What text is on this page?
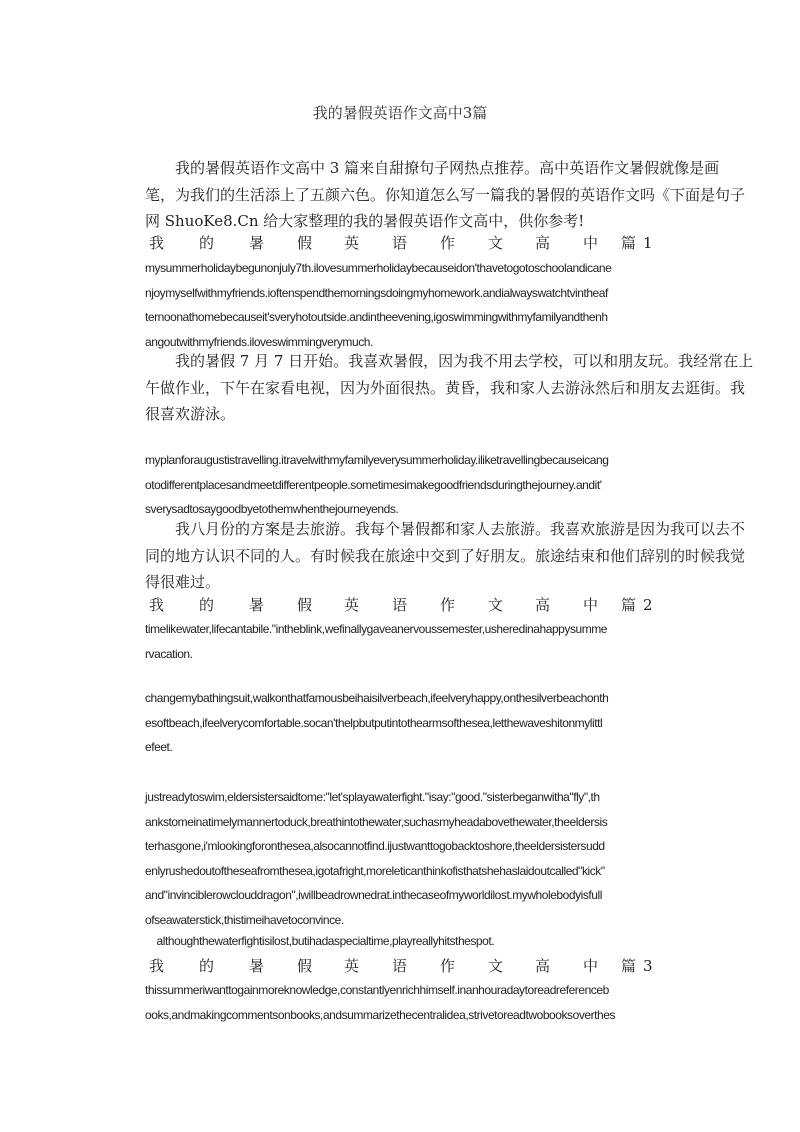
我的暑假英语作文高中3篇
　　我的暑假英语作文高中 3 篇来自甜撩句子网热点推荐。高中英语作文暑假就像是画
笔，为我们的生活添上了五颜六色。你知道怎么写一篇我的暑假的英语作文吗《下面是句子
网 ShuoKe8.Cn 给大家整理的我的暑假英语作文高中，供你参考!
我 的 暑 假 英 语 作 文 高 中 篇 1
mysummerholidaybegunonjuly7th.ilovesummerholidaybecauseidon'thavetogotoschoolandicane
njoymyselfwithmyfriends.ioftenspendthemorningsdoingmyhomework.andialwayswatchtvintheaf
ternoonathomebecauseit'sveryhotoutside.andintheevening,igoswimmingwithmyfamilyandthenh
angoutwithmyfriends.iloveswimmingverymuch.
　　我的暑假 7 月 7 日开始。我喜欢暑假，因为我不用去学校，可以和朋友玩。我经常在上
午做作业，下午在家看电视，因为外面很热。黄昏，我和家人去游泳然后和朋友去逛街。我
很喜欢游泳。
myplanforaugustistravelling.itravelwithmyfamilyeverysummerholiday.iliketravellingbecauseicang
otodifferentplacesandmeetdifferentpeople.sometimesimakegoodfriendsduringthejourney.andit'
sverysadtosaygoodbyetothemwhenthejourneyends.
　　我八月份的方案是去旅游。我每个暑假都和家人去旅游。我喜欢旅游是因为我可以去不
同的地方认识不同的人。有时候我在旅途中交到了好朋友。旅途结束和他们辞别的时候我觉
得很难过。
我 的 暑 假 英 语 作 文 高 中 篇 2
timelikewater,lifecantabile."intheblink,wefinallygaveanervoussemester,usheredinahappysumme
rvacation.
changemybathingsuit,walkonthatfamousbeihaisilverbeach,ifeelveryhappy,onthesilverbeachonth
esoftbeach,ifeelverycomfortable.socan'thelpbutputintothearmsofthesea,letthewaveshitonmylittl
efeet.
justreadytoswim,eldersistersaidtome:"let'splayawaterfight."isay:"good."sisterbeganwitha"fly",th
ankstomeinatimelymannertoduck,breathintothewater,suchasmyheadabovethewater,theeldersis
terhasgone,i'mlookingforonthesea,alsocannotfind.ijustwanttogobacktoshore,theeldersistersudd
enlyrushedoutoftheseafromthesea,igotafright,moreleticanthinkofisthatshehaslaidoutcalled"kick"
and"invinciblerowclouddragon",iwillbeadrownedrat.inthecaseofmyworldilost.mywholebodyisfull
ofseawaterstick,thistimeihavetoconvince.
　althoughthewaterfightisilost,butihadaspecialtime,playreallyhitsthespot.
我 的 暑 假 英 语 作 文 高 中 篇 3
thissummeriwanttogainmoreknowledge,constantlyenrichhimself.inanhouradaytoreadreferenceb
ooks,andmakingcommentsonbooks,andsummarizethecentralidea,strivetoreadtwobooksoverthes
